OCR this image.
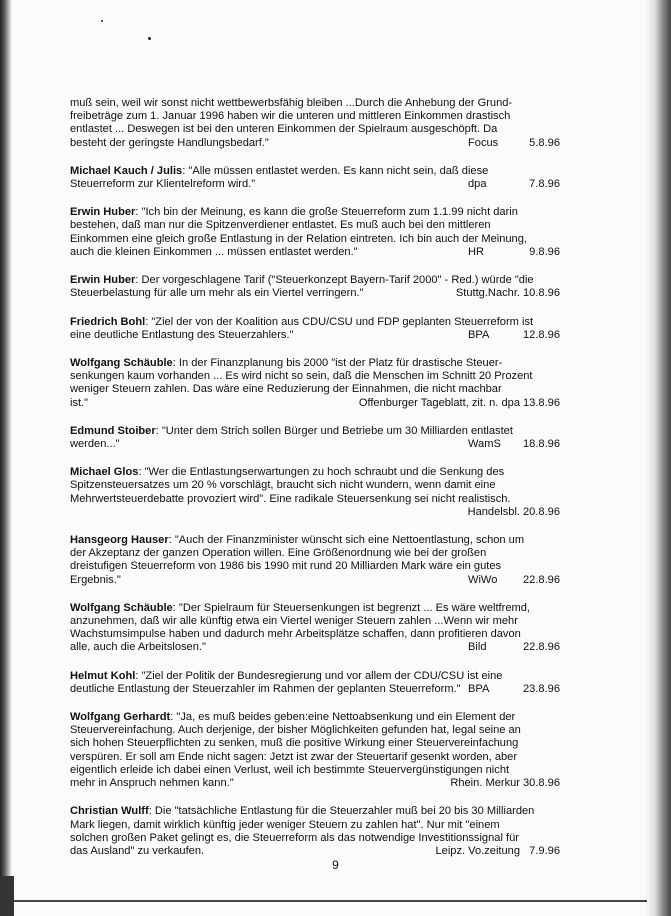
muß sein, weil wir sonst nicht wettbewerbsfähig bleiben ...Durch die Anhebung der Grund-
freibeträge zum 1. Januar 1996 haben wir die unteren und mittleren Einkommen drastisch
entlastet ... Deswegen ist bei den unteren Einkommen der Spielraum ausgeschöpft. Da
besteht der geringste Handlungsbedarf."	Focus	5.8.96
Michael Kauch / Julis: "Alle müssen entlastet werden. Es kann nicht sein, daß diese
Steuerreform zur Klientelreform wird."	dpa	7.8.96
Erwin Huber: "Ich bin der Meinung, es kann die große Steuerreform zum 1.1.99 nicht darin
bestehen, daß man nur die Spitzenverdiener entlastet. Es muß auch bei den mittleren
Einkommen eine gleich große Entlastung in der Relation eintreten. Ich bin auch der Meinung,
auch die kleinen Einkommen ... müssen entlastet werden."	HR	9.8.96
Erwin Huber: Der vorgeschlagene Tarif ("Steuerkonzept Bayern-Tarif 2000" - Red.) würde "die
Steuerbelastung für alle um mehr als ein Viertel verringern."	Stuttg.Nachr. 10.8.96
Friedrich Bohl: "Ziel der von der Koalition aus CDU/CSU und FDP geplanten Steuerreform ist
eine deutliche Entlastung des Steuerzahlers."	BPA	12.8.96
Wolfgang Schäuble: In der Finanzplanung bis 2000 "ist der Platz für drastische Steuer-
senkungen kaum vorhanden ... Es wird nicht so sein, daß die Menschen im Schnitt 20 Prozent
weniger Steuern zahlen. Das wäre eine Reduzierung der Einnahmen, die nicht machbar
ist."	Offenburger Tageblatt, zit. n. dpa 13.8.96
Edmund Stoiber: "Unter dem Strich sollen Bürger und Betriebe um 30 Milliarden entlastet
werden..."	WamS	18.8.96
Michael Glos: "Wer die Entlastungserwartungen zu hoch schraubt und die Senkung des
Spitzensteuersatzes um 20 % vorschlägt, braucht sich nicht wundern, wenn damit eine
Mehrwertsteuerdebatte provoziert wird". Eine radikale Steuersenkung sei nicht realistisch.
Handelsbl. 20.8.96
Hansgeorg Hauser: "Auch der Finanzminister wünscht sich eine Nettoentlastung, schon um
der Akzeptanz der ganzen Operation willen. Eine Größenordnung wie bei der großen
dreistufigen Steuerreform von 1986 bis 1990 mit rund 20 Milliarden Mark wäre ein gutes
Ergebnis."	WiWo	22.8.96
Wolfgang Schäuble: "Der Spielraum für Steuersenkungen ist begrenzt ... Es wäre weltfremd,
anzunehmen, daß wir alle künftig etwa ein Viertel weniger Steuern zahlen ...Wenn wir mehr
Wachstumsimpulse haben und dadurch mehr Arbeitsplätze schaffen, dann profitieren davon
alle, auch die Arbeitslosen."	Bild	22.8.96
Helmut Kohl: "Ziel der Politik der Bundesregierung und vor allem der CDU/CSU ist eine
deutliche Entlastung der Steuerzahler im Rahmen der geplanten Steuerreform." BPA	23.8.96
Wolfgang Gerhardt: "Ja, es muß beides geben:eine Nettoabsenkung und ein Element der
Steuervereinfachung. Auch derjenige, der bisher Möglichkeiten gefunden hat, legal seine an
sich hohen Steuerpflichten zu senken, muß die positive Wirkung einer Steuervereinfachung
verspüren. Er soll am Ende nicht sagen: Jetzt ist zwar der Steuertarif gesenkt worden, aber
eigentlich erleide ich dabei einen Verlust, weil ich bestimmte Steuervergünstigungen nicht
mehr in Anspruch nehmen kann."	Rhein. Merkur 30.8.96
Christian Wulff: Die "tatsächliche Entlastung für die Steuerzahler muß bei 20 bis 30 Milliarden
Mark liegen, damit wirklich künftig jeder weniger Steuern zu zahlen hat". Nur mit "einem
solchen großen Paket gelingt es, die Steuerreform als das notwendige Investitionssignal für
das Ausland" zu verkaufen.	Leipz. Vo.zeitung 7.9.96
9
